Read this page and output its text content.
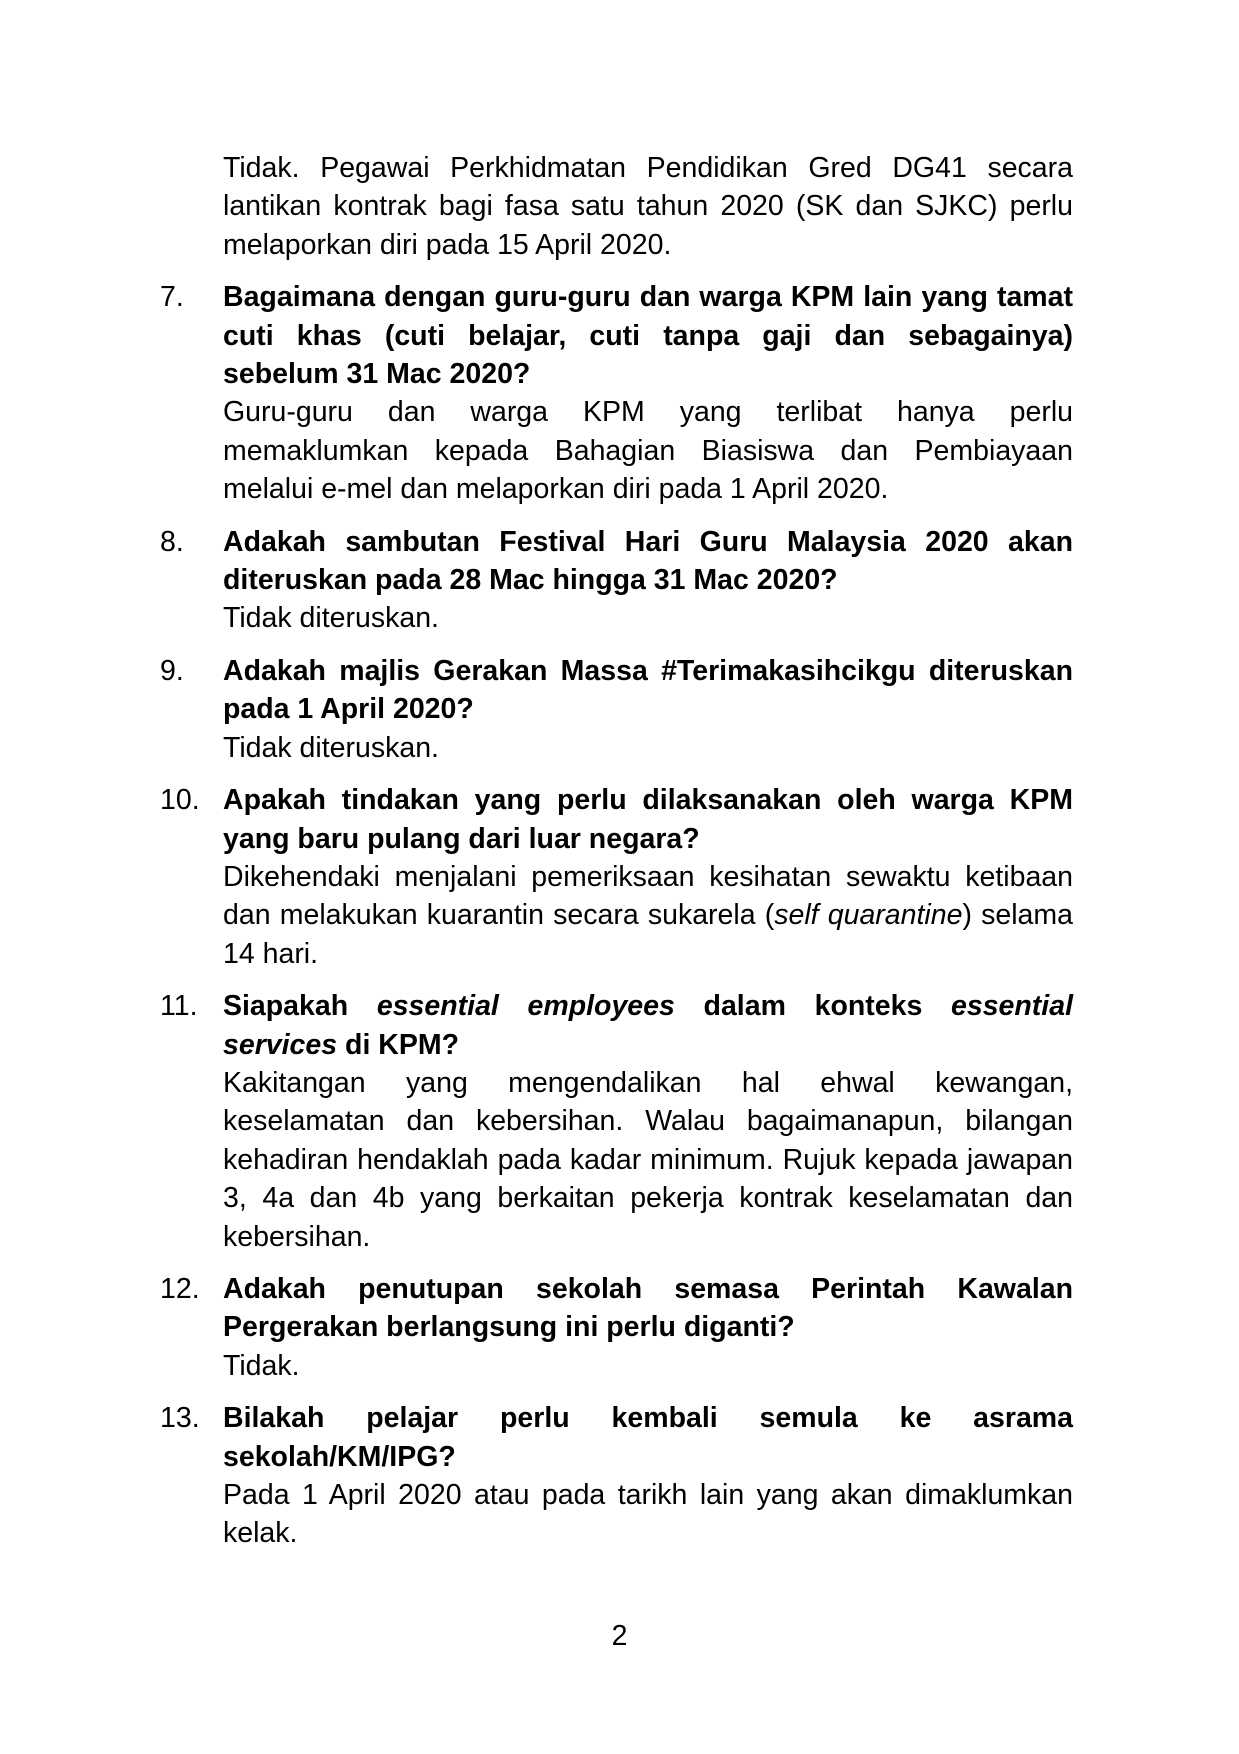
Tidak. Pegawai Perkhidmatan Pendidikan Gred DG41 secara lantikan kontrak bagi fasa satu tahun 2020 (SK dan SJKC) perlu melaporkan diri pada 15 April 2020.

7.	Bagaimana dengan guru-guru dan warga KPM lain yang tamat cuti khas (cuti belajar, cuti tanpa gaji dan sebagainya) sebelum 31 Mac 2020?

Guru-guru dan warga KPM yang terlibat hanya perlu memaklumkan kepada Bahagian Biasiswa dan Pembiayaan melalui e-mel dan melaporkan diri pada 1 April 2020.

8.	Adakah sambutan Festival Hari Guru Malaysia 2020 akan diteruskan pada 28 Mac hingga 31 Mac 2020?

Tidak diteruskan.

9.	Adakah majlis Gerakan Massa #Terimakasihcikgu diteruskan pada 1 April 2020?

Tidak diteruskan.

10. Apakah tindakan yang perlu dilaksanakan oleh warga KPM yang baru pulang dari luar negara?

Dikehendaki menjalani pemeriksaan kesihatan sewaktu ketibaan dan melakukan kuarantin secara sukarela (self quarantine) selama 14 hari.

11. Siapakah essential employees dalam konteks essential services di KPM?

Kakitangan yang mengendalikan hal ehwal kewangan, keselamatan dan kebersihan. Walau bagaimanapun, bilangan kehadiran hendaklah pada kadar minimum. Rujuk kepada jawapan 3, 4a dan 4b yang berkaitan pekerja kontrak keselamatan dan kebersihan.

12. Adakah penutupan sekolah semasa Perintah Kawalan Pergerakan berlangsung ini perlu diganti?

Tidak.

13. Bilakah pelajar perlu kembali semula ke asrama sekolah/KM/IPG?

Pada 1 April 2020 atau pada tarikh lain yang akan dimaklumkan kelak.

2
